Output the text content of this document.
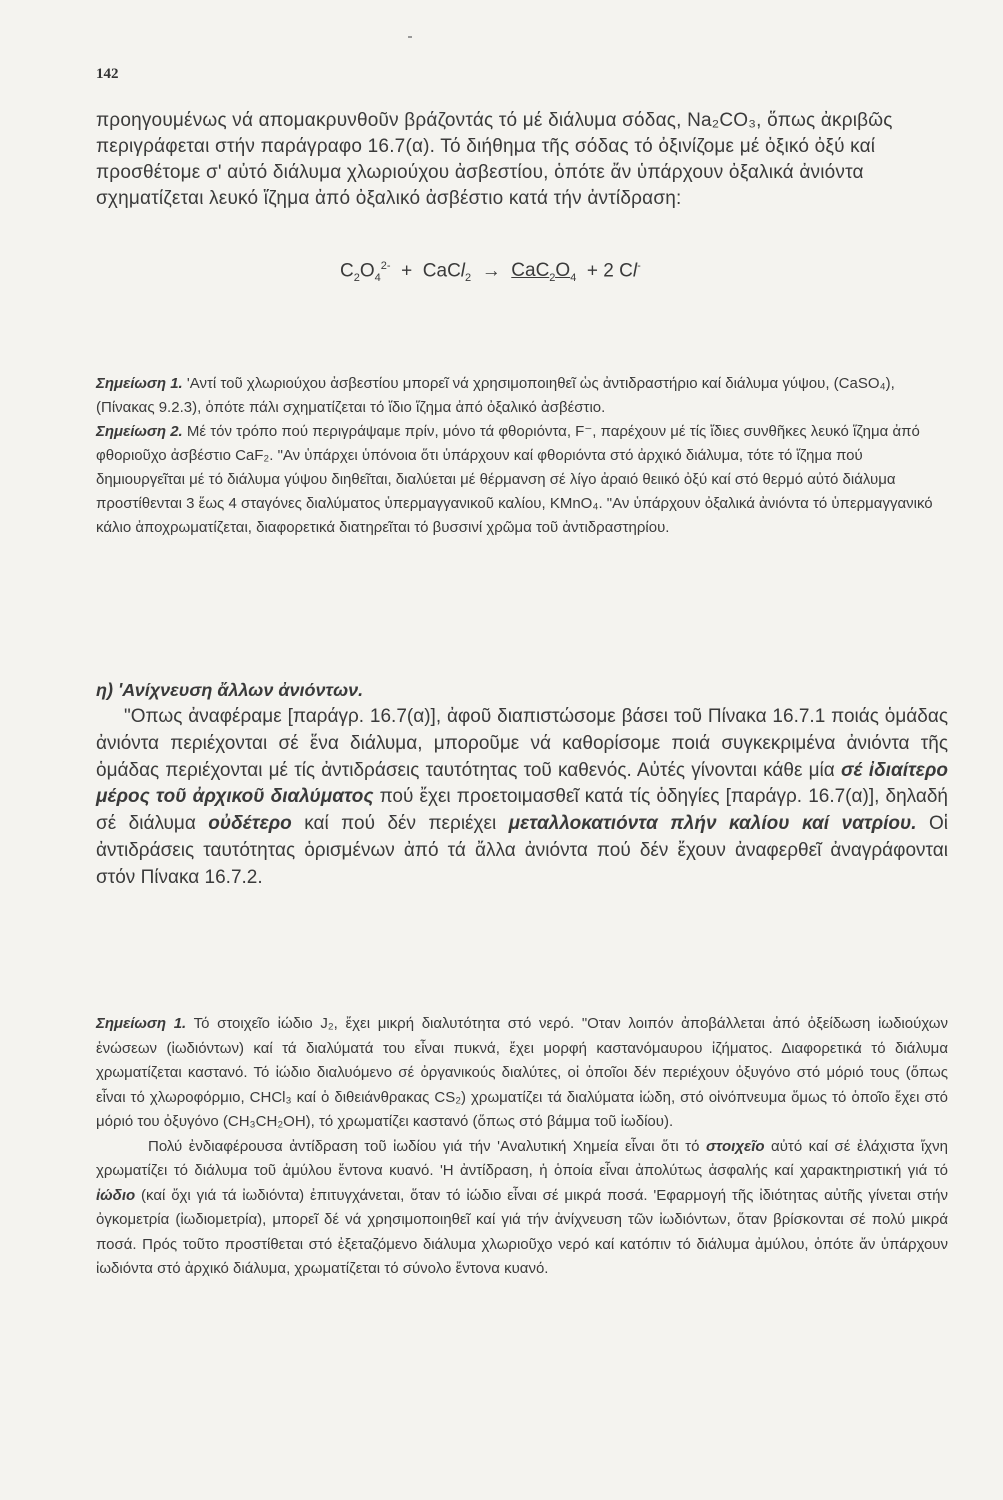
142
προηγουμένως νά απομακρυνθοῦν βράζοντάς τό μέ διάλυμα σόδας, Na₂CO₃, ὅπως ἀκριβῶς περιγράφεται στήν παράγραφο 16.7(α). Τό διήθημα τῆς σόδας τό ὀξινίζομε μέ ὀξικό ὀξύ καί προσθέτομε σ' αὐτό διάλυμα χλωριούχου ἀσβεστίου, ὁπότε ἄν ὑπάρχουν ὀξαλικά ἀνιόντα σχηματίζεται λευκό ἵζημα ἀπό ὀξαλικό ἀσβέστιο κατά τήν ἀντίδραση:
$C_2O_4^{2-}$ + CaCl$_2$ → $CaC_2O_4 + 2$ Cl-

Σημείωση 1. 'Αντί τοῦ χλωριούχου ἀσβεστίου μπορεῖ νά χρησιμοποιηθεῖ ὡς ἀντιδραστήριο καί διάλυμα γύψου, (CaSO₄), (Πίνακας 9.2.3), ὁπότε πάλι σχηματίζεται τό ἴδιο ἵζημα ἀπό ὀξαλικό ἀσβέστιο.

Σημείωση 2. Μέ τόν τρόπο πού περιγράψαμε πρίν, μόνο τά φθοριόντα, F⁻, παρέχουν μέ τίς ἴδιες συνθῆκες λευκό ἵζημα ἀπό φθοριοῦχο ἀσβέστιο CaF₂. "Αν ὑπάρχει ὑπόνοια ὅτι ὑπάρχουν καί φθοριόντα στό ἀρχικό διάλυμα, τότε τό ἵζημα πού δημιουργεῖται μέ τό διάλυμα γύψου διηθεῖται, διαλύεται μέ θέρμανση σέ λίγο ἀραιό θειικό ὀξύ καί στό θερμό αὐτό διάλυμα προστίθενται 3 ἕως 4 σταγόνες διαλύματος ὑπερμαγγανικοῦ καλίου, KMnO₄. "Αν ὑπάρχουν ὀξαλικά ἀνιόντα τό ὑπερμαγγανικό κάλιο ἀποχρωματίζεται, διαφορετικά διατηρεῖται τό βυσσινί χρῶμα τοῦ ἀντιδραστηρίου.

η) 'Ανίχνευση ἄλλων ἀνιόντων.
"Οπως ἀναφέραμε [παράγρ. 16.7(α)], ἀφοῦ διαπιστώσομε βάσει τοῦ Πίνακα 16.7.1 ποιάς ὁμάδας ἀνιόντα περιέχονται σέ ἕνα διάλυμα, μποροῦμε νά καθορίσομε ποιά συγκεκριμένα ἀνιόντα τῆς ὁμάδας περιέχονται μέ τίς ἀντιδράσεις ταυτότητας τοῦ καθενός. Αὐτές γίνονται κάθε μία σέ ἰδιαίτερο μέρος τοῦ ἀρχικοῦ διαλύματος πού ἔχει προετοιμασθεῖ κατά τίς ὁδηγίες [παράγρ. 16.7(α)], δηλαδή σέ διάλυμα οὐδέτερο καί πού δέν περιέχει μεταλλοκατιόντα πλήν καλίου καί νατρίου. Οἱ ἀντιδράσεις ταυτότητας ὁρισμένων ἀπό τά ἄλλα ἀνιόντα πού δέν ἔχουν ἀναφερθεῖ ἀναγράφονται στόν Πίνακα 16.7.2.

Σημείωση 1. Τό στοιχεῖο ἰώδιο J₂, ἔχει μικρή διαλυτότητα στό νερό. "Οταν λοιπόν ἀποβάλλεται ἀπό ὀξείδωση ἰωδιούχων ἑνώσεων (ἰωδιόντων) καί τά διαλύματά του εἶναι πυκνά, ἔχει μορφή καστανόμαυρου ἰζήματος. Διαφορετικά τό διάλυμα χρωματίζεται καστανό. Τό ἰώδιο διαλυόμενο σέ ὀργανικούς διαλύτες, οἱ ὁποῖοι δέν περιέχουν ὀξυγόνο στό μόριό τους (ὅπως εἶναι τό χλωροφόρμιο, CHCl₃ καί ὁ διθειάνθρακας CS₂) χρωματίζει τά διαλύματα ἰώδη, στό οἰνόπνευμα ὅμως τό ὁποῖο ἔχει στό μόριό του ὀξυγόνο (CH₃CH₂OH), τό χρωματίζει καστανό (ὅπως στό βάμμα τοῦ ἰωδίου).

Πολύ ἐνδιαφέρουσα ἀντίδραση τοῦ ἰωδίου γιά τήν 'Αναλυτική Χημεία εἶναι ὅτι τό στοιχεῖο αὐτό καί σέ ἐλάχιστα ἴχνη χρωματίζει τό διάλυμα τοῦ ἀμύλου ἔντονα κυανό. 'Η ἀντίδραση, ἡ ὁποία εἶναι ἀπολύτως ἀσφαλής καί χαρακτηριστική γιά τό ἰώδιο (καί ὄχι γιά τά ἰωδιόντα) ἐπιτυγχάνεται, ὅταν τό ἰώδιο εἶναι σέ μικρά ποσά. 'Εφαρμογή τῆς ἰδιότητας αὐτῆς γίνεται στήν ὀγκομετρία (ἰωδιομετρία), μπορεῖ δέ νά χρησιμοποιηθεῖ καί γιά τήν ἀνίχνευση τῶν ἰωδιόντων, ὅταν βρίσκονται σέ πολύ μικρά ποσά. Πρός τοῦτο προστίθεται στό ἐξεταζόμενο διάλυμα χλωριοῦχο νερό καί κατόπιν τό διάλυμα ἀμύλου, ὁπότε ἄν ὑπάρχουν ἰωδιόντα στό ἀρχικό διάλυμα, χρωματίζεται τό σύνολο ἔντονα κυανό.
